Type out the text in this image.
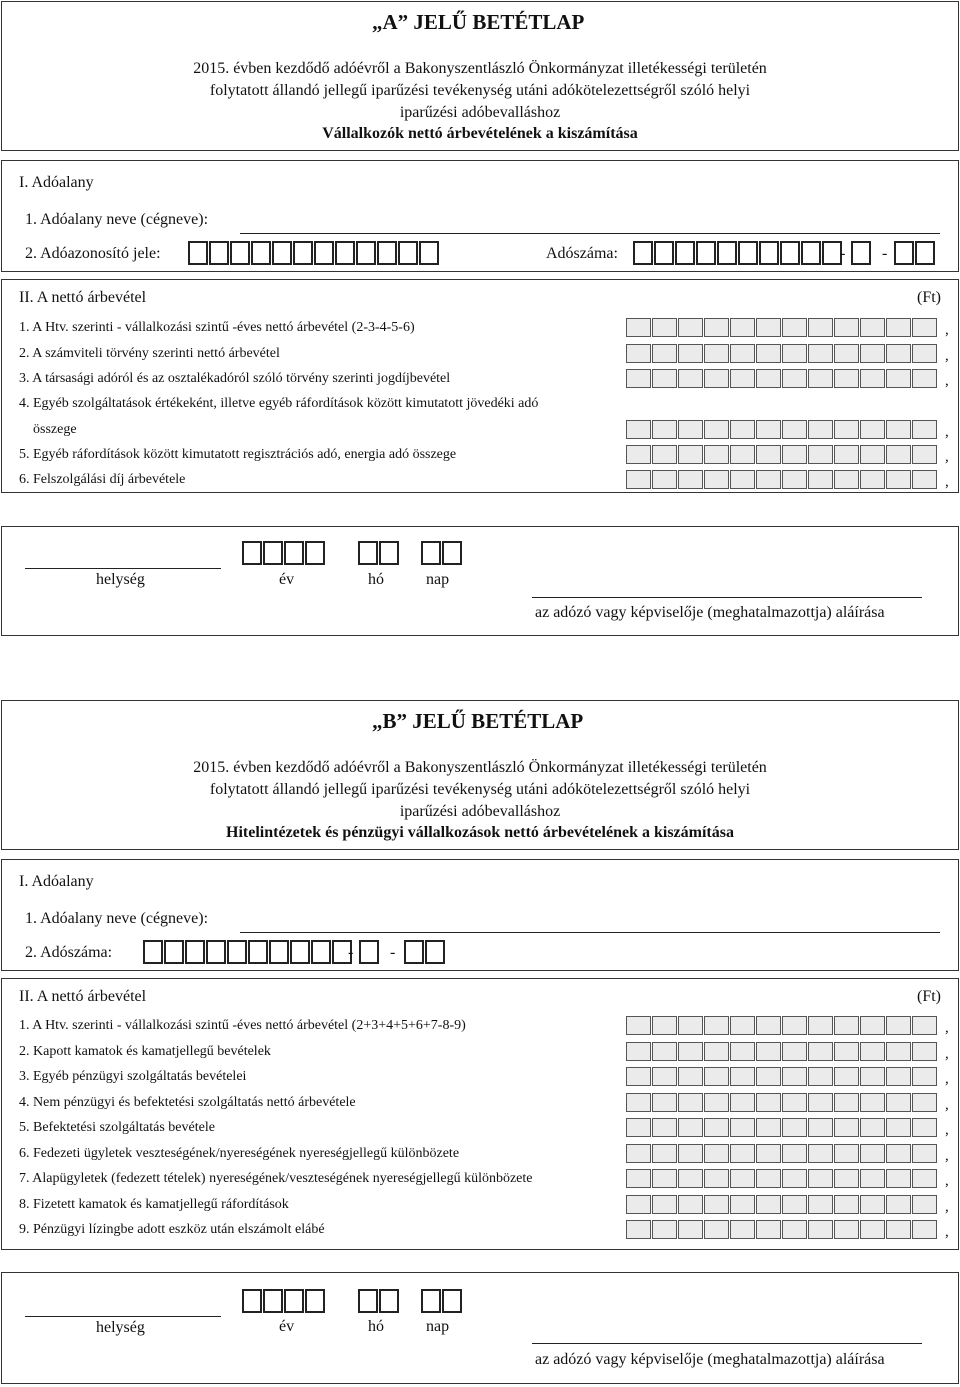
„A” JELŰ BETÉTLAP
2015. évben kezdődő adóévről a Bakonyszentlászló Önkormányzat illetékességi területén
folytatott állandó jellegű iparűzési tevékenység utáni adókötelezettségről szóló helyi
iparűzési adóbevalláshoz
Vállalkozók nettó árbevételének a kiszámítása
I. Adóalany
1. Adóalany neve (cégneve):
2. Adóazonosító jele:	Adószáma:	- -
II. A nettó árbevétel	(Ft)
1. A Htv. szerinti - vállalkozási szintű -éves nettó árbevétel (2-3-4-5-6)	,
2. A számviteli törvény szerinti nettó árbevétel	,
3. A társasági adóról és az osztalékadóról szóló törvény szerinti jogdíjbevétel	,
4. Egyéb szolgáltatások értékeként, illetve egyéb ráfordítások között kimutatott jövedéki adó
összege	,
5. Egyéb ráfordítások között kimutatott regisztrációs adó, energia adó összege	,
6. Felszolgálási díj árbevétele	,
helység	év	hó	nap
az adózó vagy képviselője (meghatalmazottja) aláírása
„B” JELŰ BETÉTLAP
2015. évben kezdődő adóévről a Bakonyszentlászló Önkormányzat illetékességi területén
folytatott állandó jellegű iparűzési tevékenység utáni adókötelezettségről szóló helyi
iparűzési adóbevalláshoz
Hitelintézetek és pénzügyi vállalkozások nettó árbevételének a kiszámítása
I. Adóalany
1. Adóalany neve (cégneve):
2. Adószáma:	- -
II. A nettó árbevétel	(Ft)
1. A Htv. szerinti - vállalkozási szintű -éves nettó árbevétel (2+3+4+5+6+7-8-9)	,
2. Kapott kamatok és kamatjellegű bevételek	,
3. Egyéb pénzügyi szolgáltatás bevételei	,
4. Nem pénzügyi és befektetési szolgáltatás nettó árbevétele	,
5. Befektetési szolgáltatás bevétele	,
6. Fedezeti ügyletek veszteségének/nyereségének nyereségjellegű különbözete	,
7. Alapügyletek (fedezett tételek) nyereségének/veszteségének nyereségjellegű különbözete	,
8. Fizetett kamatok és kamatjellegű ráfordítások	,
9. Pénzügyi lízingbe adott eszköz után elszámolt elábé	,
helység	év	hó	nap
az adózó vagy képviselője (meghatalmazottja) aláírása
